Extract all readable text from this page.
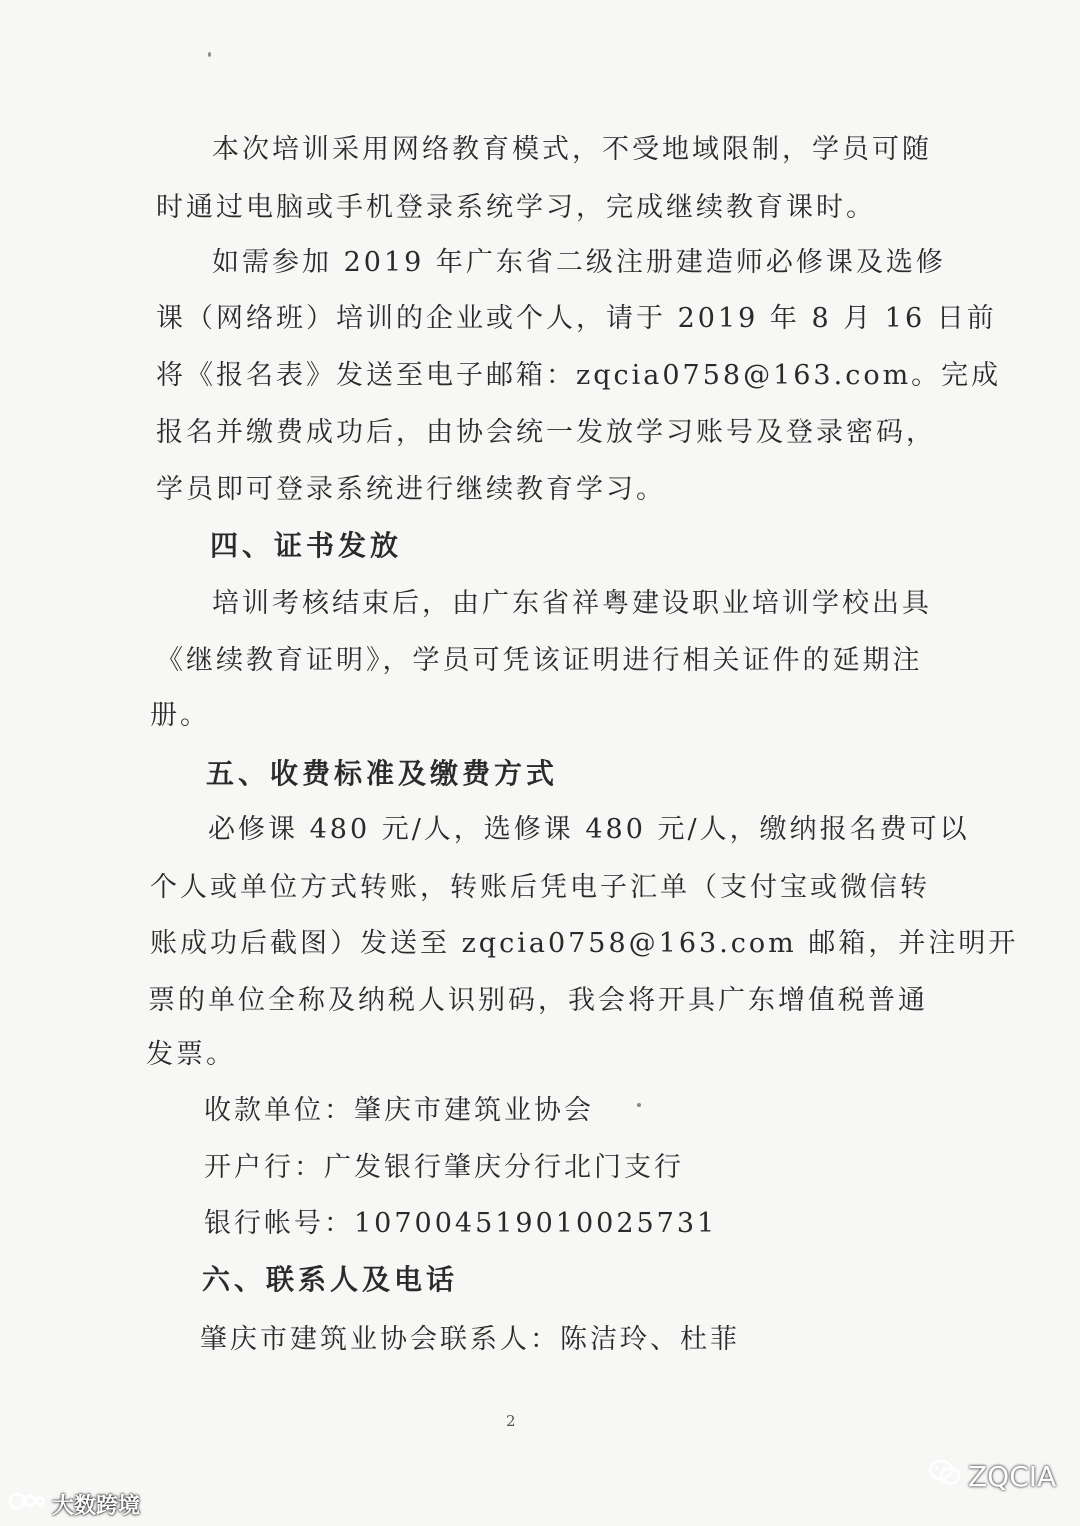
本次培训采用网络教育模式，不受地域限制，学员可随
时通过电脑或手机登录系统学习，完成继续教育课时。
如需参加 2019 年广东省二级注册建造师必修课及选修
课（网络班）培训的企业或个人，请于 2019 年 8 月 16 日前
将《报名表》发送至电子邮箱：zqcia0758@163.com。完成
报名并缴费成功后，由协会统一发放学习账号及登录密码，
学员即可登录系统进行继续教育学习。
四、证书发放
培训考核结束后，由广东省祥粤建设职业培训学校出具
《继续教育证明》，学员可凭该证明进行相关证件的延期注
册。
五、收费标准及缴费方式
必修课 480 元/人，选修课 480 元/人，缴纳报名费可以
个人或单位方式转账，转账后凭电子汇单（支付宝或微信转
账成功后截图）发送至 zqcia0758@163.com 邮箱，并注明开
票的单位全称及纳税人识别码，我会将开具广东增值税普通
发票。
收款单位：肇庆市建筑业协会
开户行：广发银行肇庆分行北门支行
银行帐号：107004519010025731
六、联系人及电话
肇庆市建筑业协会联系人：陈洁玲、杜菲
2
大数跨境
ZQCIA
